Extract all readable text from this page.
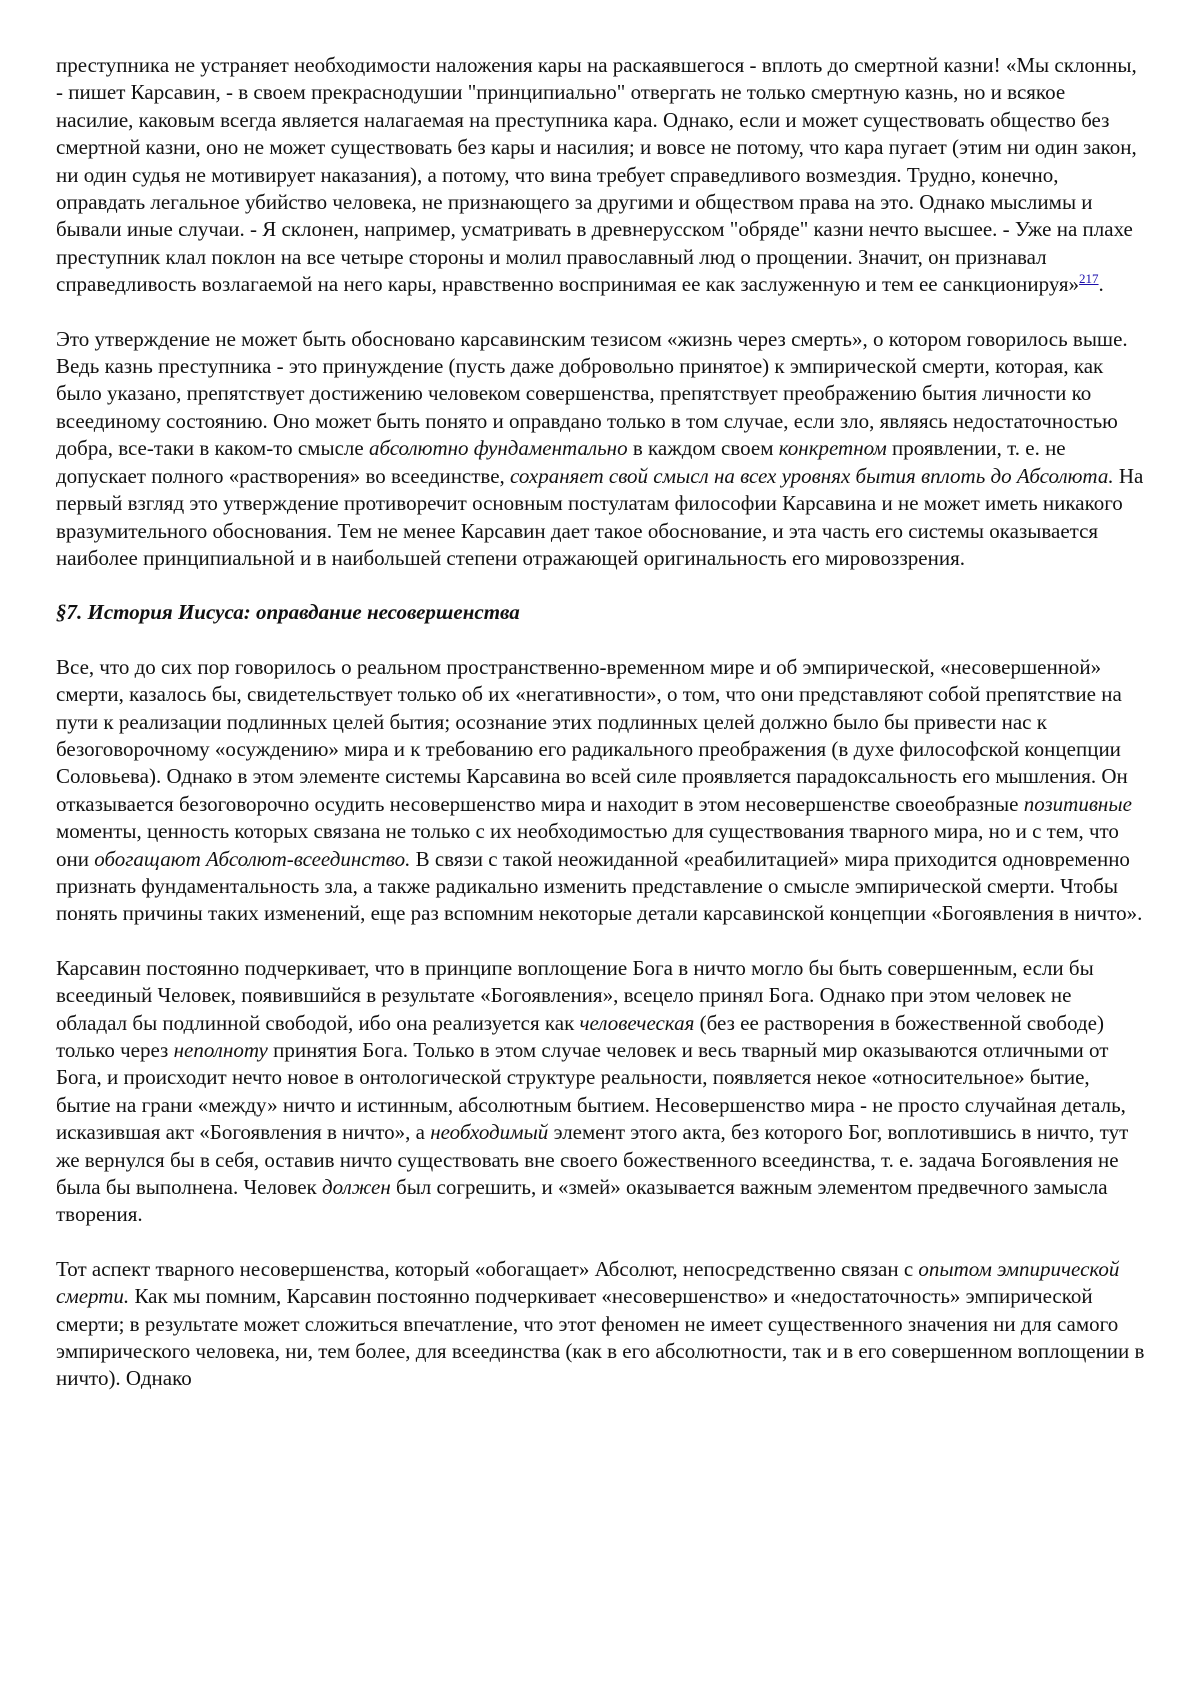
преступника не устраняет необходимости наложения кары на раскаявшегося - вплоть до смертной казни! «Мы склонны, - пишет Карсавин, - в своем прекраснодушии "принципиально" отвергать не только смертную казнь, но и всякое насилие, каковым всегда является налагаемая на преступника кара. Однако, если и может существовать общество без смертной казни, оно не может существовать без кары и насилия; и вовсе не потому, что кара пугает (этим ни один закон, ни один судья не мотивирует наказания), а потому, что вина требует справедливого возмездия. Трудно, конечно, оправдать легальное убийство человека, не признающего за другими и обществом права на это. Однако мыслимы и бывали иные случаи. - Я склонен, например, усматривать в древнерусском "обряде" казни нечто высшее. - Уже на плахе преступник клал поклон на все четыре стороны и молил православный люд о прощении. Значит, он признавал справедливость возлагаемой на него кары, нравственно воспринимая ее как заслуженную и тем ее санкционируя»$^{217}$.

Это утверждение не может быть обосновано карсавинским тезисом «жизнь через смерть», о котором говорилось выше. Ведь казнь преступника - это принуждение (пусть даже добровольно принятое) к эмпирической смерти, которая, как было указано, препятствует достижению человеком совершенства, препятствует преображению бытия личности ко всеединому состоянию. Оно может быть понято и оправдано только в том случае, если зло, являясь недостаточностью добра, все-таки в каком-то смысле абсолютно фундаментально в каждом своем конкретном проявлении, т. е. не допускает полного «растворения» во всеединстве, сохраняет свой смысл на всех уровнях бытия вплоть до Абсолюта. На первый взгляд это утверждение противоречит основным постулатам философии Карсавина и не может иметь никакого вразумительного обоснования. Тем не менее Карсавин дает такое обоснование, и эта часть его системы оказывается наиболее принципиальной и в наибольшей степени отражающей оригинальность его мировоззрения.

§7. История Иисуса: оправдание несовершенства

Все, что до сих пор говорилось о реальном пространственно-временном мире и об эмпирической, «несовершенной» смерти, казалось бы, свидетельствует только об их «негативности», о том, что они представляют собой препятствие на пути к реализации подлинных целей бытия; осознание этих подлинных целей должно было бы привести нас к безоговорочному «осуждению» мира и к требованию его радикального преображения (в духе философской концепции Соловьева). Однако в этом элементе системы Карсавина во всей силе проявляется парадоксальность его мышления. Он отказывается безоговорочно осудить несовершенство мира и находит в этом несовершенстве своеобразные позитивные моменты, ценность которых связана не только с их необходимостью для существования тварного мира, но и с тем, что они обогащают Абсолют-всеединство. В связи с такой неожиданной «реабилитацией» мира приходится одновременно признать фундаментальность зла, а также радикально изменить представление о смысле эмпирической смерти. Чтобы понять причины таких изменений, еще раз вспомним некоторые детали карсавинской концепции «Богоявления в ничто».

Карсавин постоянно подчеркивает, что в принципе воплощение Бога в ничто могло бы быть совершенным, если бы всеединый Человек, появившийся в результате «Богоявления», всецело принял Бога. Однако при этом человек не обладал бы подлинной свободой, ибо она реализуется как человеческая (без ее растворения в божественной свободе) только через неполноту принятия Бога. Только в этом случае человек и весь тварный мир оказываются отличными от Бога, и происходит нечто новое в онтологической структуре реальности, появляется некое «относительное» бытие, бытие на грани «между» ничто и истинным, абсолютным бытием. Несовершенство мира - не просто случайная деталь, исказившая акт «Богоявления в ничто», а необходимый элемент этого акта, без которого Бог, воплотившись в ничто, тут же вернулся бы в себя, оставив ничто существовать вне своего божественного всеединства, т. е. задача Богоявления не была бы выполнена. Человек должен был согрешить, и «змей» оказывается важным элементом предвечного замысла творения.

Тот аспект тварного несовершенства, который «обогащает» Абсолют, непосредственно связан с опытом эмпирической смерти. Как мы помним, Карсавин постоянно подчеркивает «несовершенство» и «недостаточность» эмпирической смерти; в результате может сложиться впечатление, что этот феномен не имеет существенного значения ни для самого эмпирического человека, ни, тем более, для всеединства (как в его абсолютности, так и в его совершенном воплощении в ничто). Однако
